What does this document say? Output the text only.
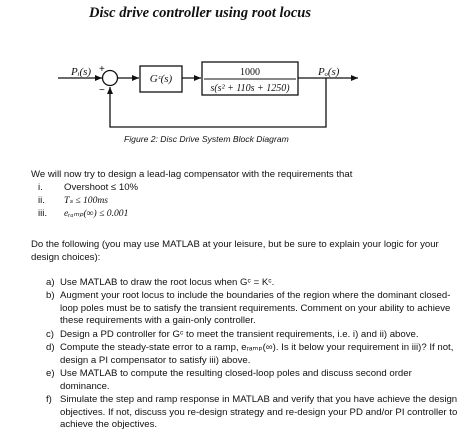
Disc drive controller using root locus
Pᵢ(s) +
−
Gᶜ(s)
1000
s(s² + 110s + 1250)
Pₒ(s)
Figure 2: Disc Drive System Block Diagram
We will now try to design a lead-lag compensator with the requirements that
i. Overshoot ≤ 10%
ii. Tₛ ≤ 100ms
iii. eᵣₐₘₚ(∞) ≤ 0.001
Do the following (you may use MATLAB at your leisure, but be sure to explain your logic for your design choices):
a) Use MATLAB to draw the root locus when Gᶜ = Kᶜ.
b) Augment your root locus to include the boundaries of the region where the dominant closed-loop poles must be to satisfy the transient requirements. Comment on your ability to achieve these requirements with a gain-only controller.
c) Design a PD controller for Gᶜ to meet the transient requirements, i.e. i) and ii) above.
d) Compute the steady-state error to a ramp, eᵣₐₘₚ(∞). Is it below your requirement in iii)? If not, design a PI compensator to satisfy iii) above.
e) Use MATLAB to compute the resulting closed-loop poles and discuss second order dominance.
f) Simulate the step and ramp response in MATLAB and verify that you have achieve the design objectives. If not, discuss you re-design strategy and re-design your PD and/or PI controller to achieve the objectives.
